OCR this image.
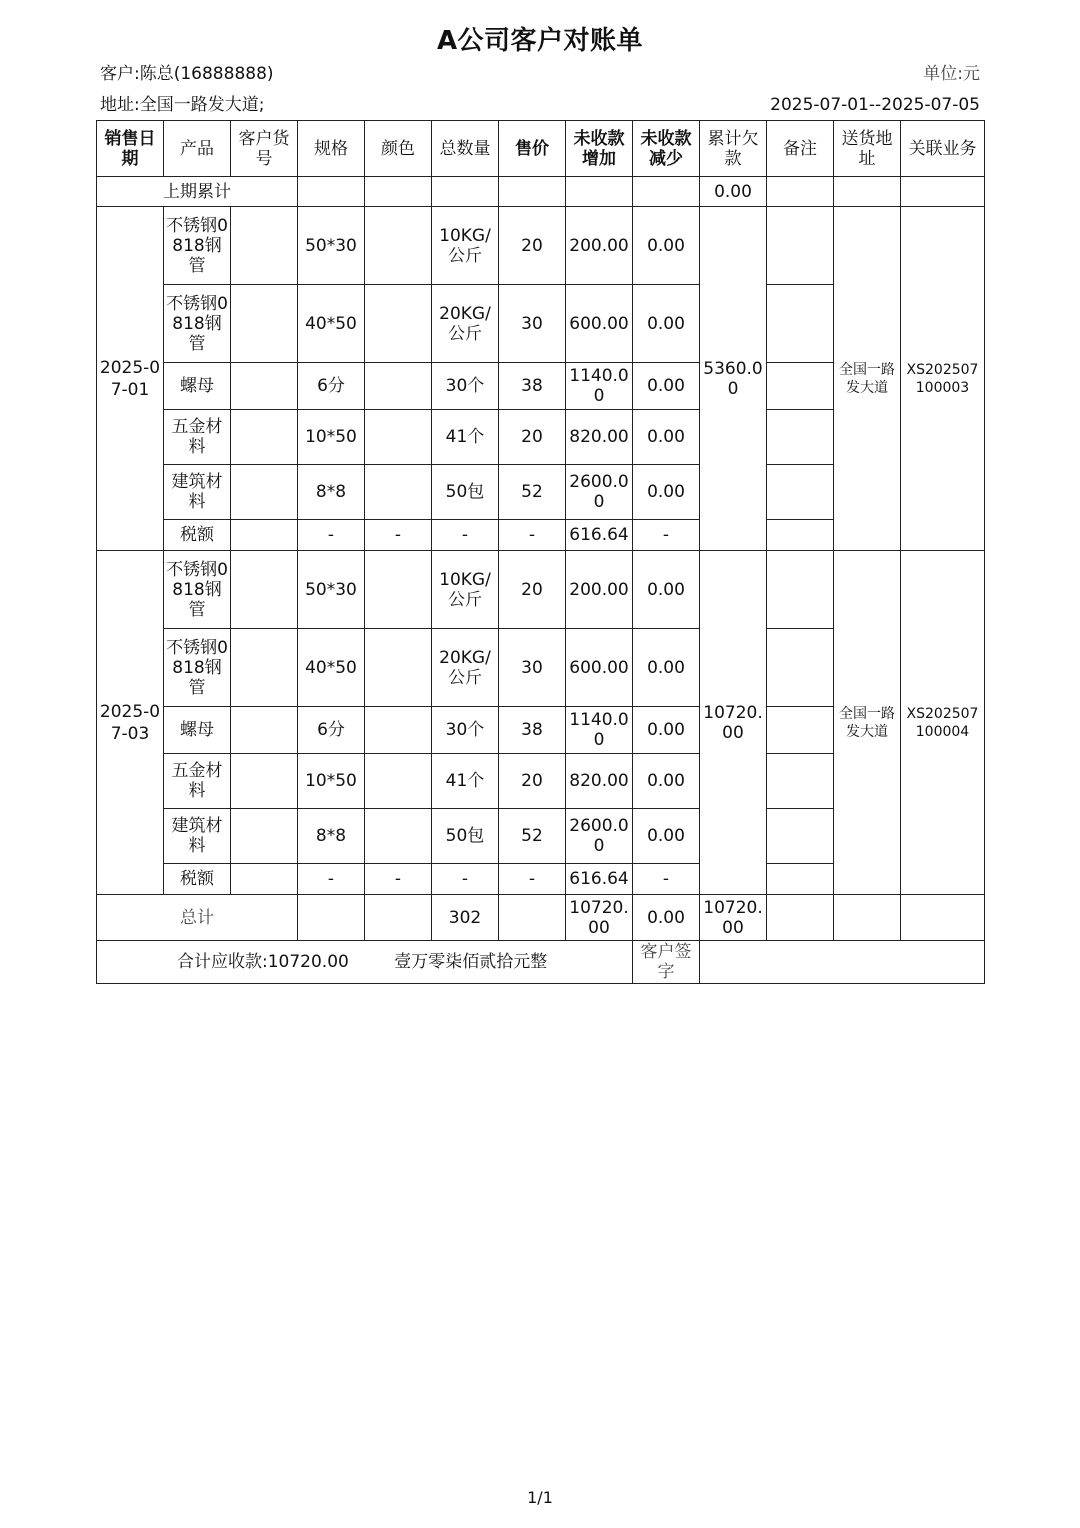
A公司客户对账单
客户:陈总(16888888)	单位:元
地址:全国一路发大道;	2025-07-01--2025-07-05
销售日期	产品	客户货号	规格	颜色	总数量	售价	未收款增加	未收款减少	累计欠款	备注	送货地址	关联业务
上期累计									0.00			
2025-07-01	不锈钢0818钢管		50*30		10KG/公斤	20	200.00	0.00	5360.00		全国一路发大道	XS202507100003
	不锈钢0818钢管		40*50		20KG/公斤	30	600.00	0.00				
	螺母		6分		30个	38	1140.00	0.00				
	五金材料		10*50		41个	20	820.00	0.00				
	建筑材料		8*8		50包	52	2600.00	0.00				
	税额		-	-	-	-	616.64	-				
2025-07-03	不锈钢0818钢管		50*30		10KG/公斤	20	200.00	0.00	10720.00		全国一路发大道	XS202507100004
	不锈钢0818钢管		40*50		20KG/公斤	30	600.00	0.00				
	螺母		6分		30个	38	1140.00	0.00				
	五金材料		10*50		41个	20	820.00	0.00				
	建筑材料		8*8		50包	52	2600.00	0.00				
	税额		-	-	-	-	616.64	-				
总计					302		10720.00	0.00	10720.00			
合计应收款:10720.00 壹万零柒佰贰拾元整								客户签字				
1/1
